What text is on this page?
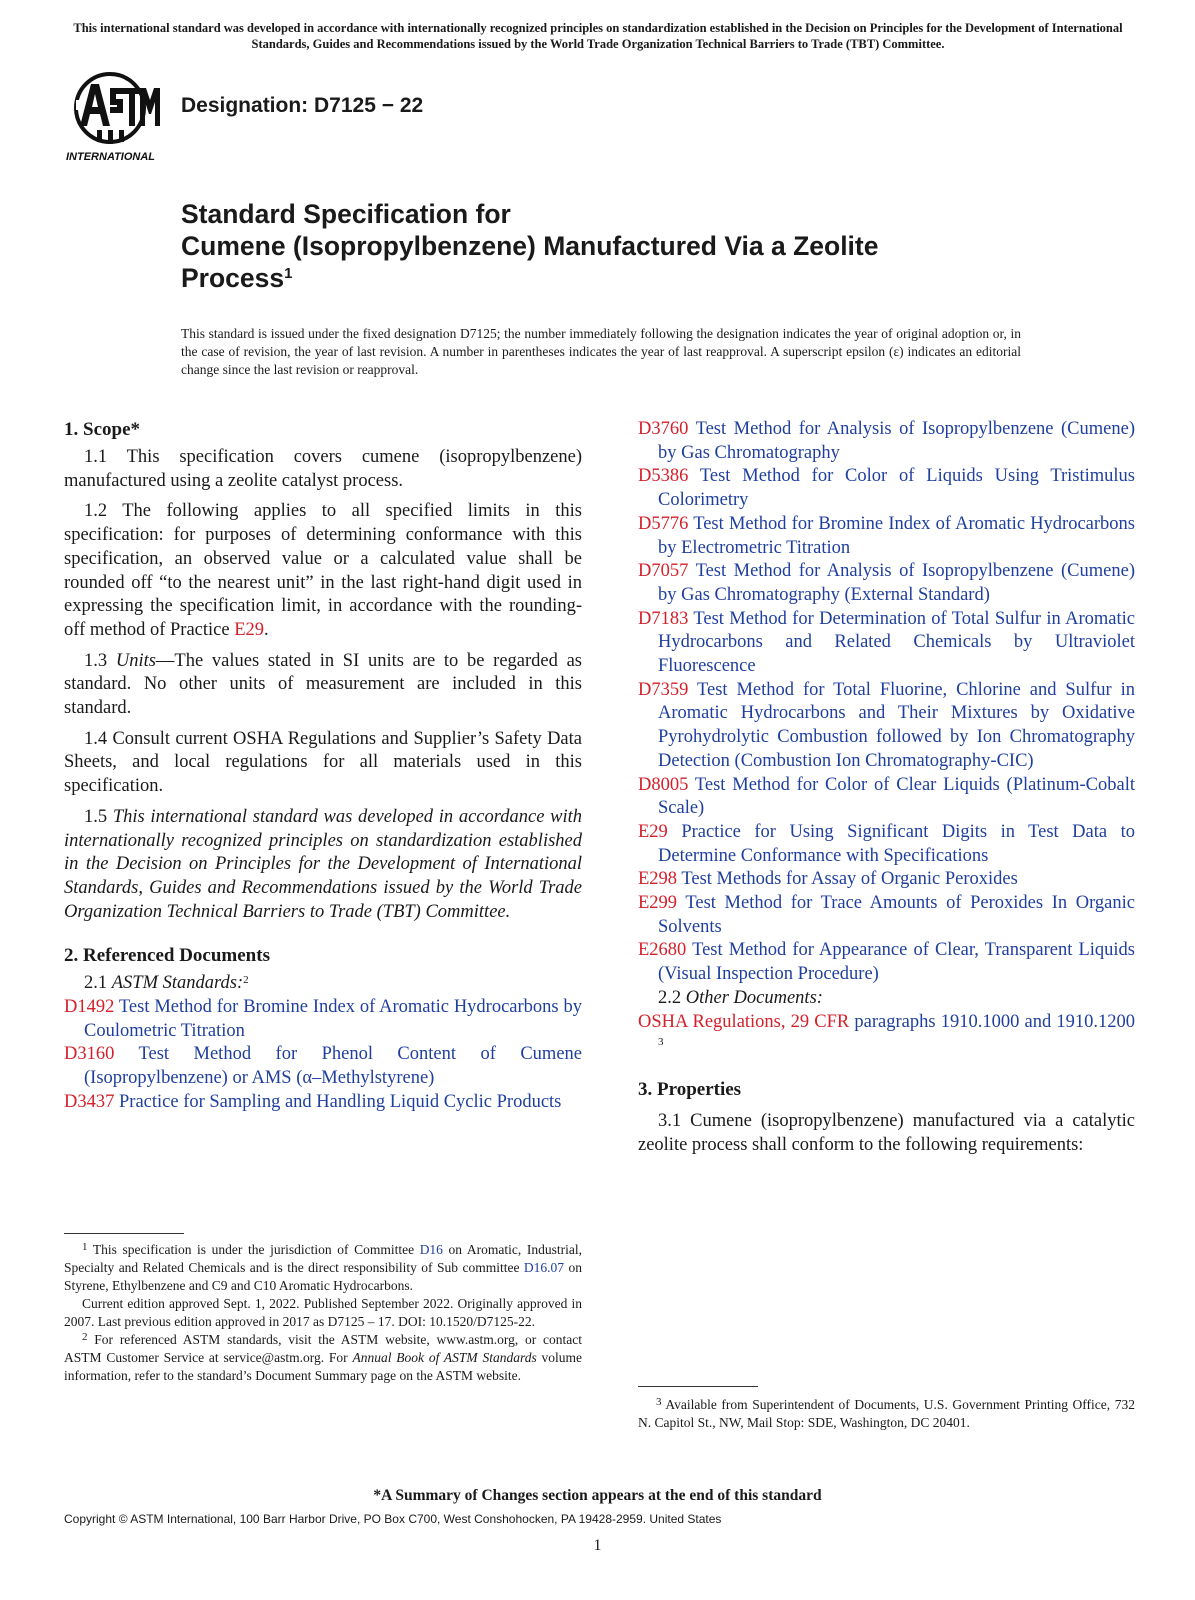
This international standard was developed in accordance with internationally recognized principles on standardization established in the Decision on Principles for the Development of International Standards, Guides and Recommendations issued by the World Trade Organization Technical Barriers to Trade (TBT) Committee.
INTERNATIONAL
Designation: D7125 − 22
Standard Specification for
Cumene (Isopropylbenzene) Manufactured Via a Zeolite
Process$^1$
This standard is issued under the fixed designation D7125; the number immediately following the designation indicates the year of original adoption or, in the case of revision, the year of last revision. A number in parentheses indicates the year of last reapproval. A superscript epsilon (ε) indicates an editorial change since the last revision or reapproval.
1. Scope*

1.1 This specification covers cumene (isopropylbenzene) manufactured using a zeolite catalyst process.

1.2 The following applies to all specified limits in this specification: for purposes of determining conformance with this specification, an observed value or a calculated value shall be rounded off “to the nearest unit” in the last right-hand digit used in expressing the specification limit, in accordance with the rounding-off method of Practice E29.

1.3 Units—The values stated in SI units are to be regarded as standard. No other units of measurement are included in this standard.

1.4 Consult current OSHA Regulations and Supplier’s Safety Data Sheets, and local regulations for all materials used in this specification.

1.5 This international standard was developed in accordance with internationally recognized principles on standardization established in the Decision on Principles for the Development of International Standards, Guides and Recommendations issued by the World Trade Organization Technical Barriers to Trade (TBT) Committee.

2. Referenced Documents

2.1 ASTM Standards:$^2$

D1492 Test Method for Bromine Index of Aromatic Hydrocarbons by Coulometric Titration

D3160 Test Method for Phenol Content of Cumene (Isopropylbenzene) or AMS (α–Methylstyrene)

D3437 Practice for Sampling and Handling Liquid Cyclic Products

D3760 Test Method for Analysis of Isopropylbenzene (Cumene) by Gas Chromatography

D5386 Test Method for Color of Liquids Using Tristimulus Colorimetry

D5776 Test Method for Bromine Index of Aromatic Hydrocarbons by Electrometric Titration

D7057 Test Method for Analysis of Isopropylbenzene (Cumene) by Gas Chromatography (External Standard)

D7183 Test Method for Determination of Total Sulfur in Aromatic Hydrocarbons and Related Chemicals by Ultraviolet Fluorescence

D7359 Test Method for Total Fluorine, Chlorine and Sulfur in Aromatic Hydrocarbons and Their Mixtures by Oxidative Pyrohydrolytic Combustion followed by Ion Chromatography Detection (Combustion Ion Chromatography-CIC)

D8005 Test Method for Color of Clear Liquids (Platinum-Cobalt Scale)

E29 Practice for Using Significant Digits in Test Data to Determine Conformance with Specifications

E298 Test Methods for Assay of Organic Peroxides

E299 Test Method for Trace Amounts of Peroxides In Organic Solvents

E2680 Test Method for Appearance of Clear, Transparent Liquids (Visual Inspection Procedure)

2.2 Other Documents:

OSHA Regulations, 29 CFR paragraphs 1910.1000 and 1910.1200 $^3$

3. Properties

3.1 Cumene (isopropylbenzene) manufactured via a catalytic zeolite process shall conform to the following requirements:

$^1$ This specification is under the jurisdiction of Committee D16 on Aromatic, Industrial, Specialty and Related Chemicals and is the direct responsibility of Sub committee D16.07 on Styrene, Ethylbenzene and C9 and C10 Aromatic Hydrocarbons.

Current edition approved Sept. 1, 2022. Published September 2022. Originally approved in 2007. Last previous edition approved in 2017 as D7125 – 17. DOI: 10.1520/D7125-22.

$^2$ For referenced ASTM standards, visit the ASTM website, www.astm.org, or contact ASTM Customer Service at service@astm.org. For Annual Book of ASTM Standards volume information, refer to the standard’s Document Summary page on the ASTM website.

$^3$ Available from Superintendent of Documents, U.S. Government Printing Office, 732 N. Capitol St., NW, Mail Stop: SDE, Washington, DC 20401.

*A Summary of Changes section appears at the end of this standard
Copyright © ASTM International, 100 Barr Harbor Drive, PO Box C700, West Conshohocken, PA 19428-2959. United States
1
